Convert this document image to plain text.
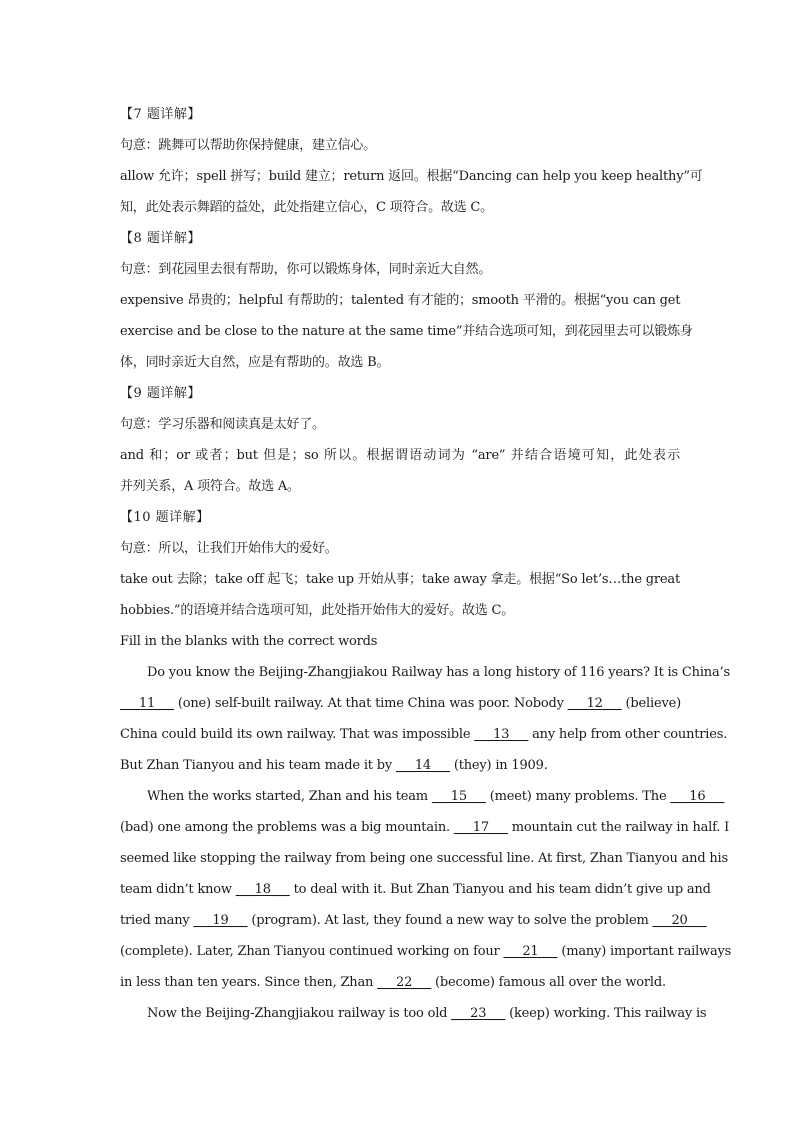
【7 题详解】
句意：跳舞可以帮助你保持健康，建立信心。
allow 允许；spell 拼写；build 建立；return 返回。根据“Dancing can help you keep healthy”可
知，此处表示舞蹈的益处，此处指建立信心，C 项符合。故选 C。
【8 题详解】
句意：到花园里去很有帮助，你可以锻炼身体，同时亲近大自然。
expensive 昂贵的；helpful 有帮助的；talented 有才能的；smooth 平滑的。根据“you can get
exercise and be close to the nature at the same time”并结合选项可知，到花园里去可以锻炼身
体，同时亲近大自然，应是有帮助的。故选 B。
【9 题详解】
句意：学习乐器和阅读真是太好了。
and 和；or 或者；but 但是；so 所以。根据谓语动词为 “are” 并结合语境可知，此处表示
并列关系，A 项符合。故选 A。
【10 题详解】
句意：所以，让我们开始伟大的爱好。
take out 去除；take off 起飞；take up 开始从事；take away 拿走。根据“So let’s…the great
hobbies.”的语境并结合选项可知，此处指开始伟大的爱好。故选 C。
Fill in the blanks with the correct words
Do you know the Beijing-Zhangjiakou Railway has a long history of 116 years? It is China’s
___11___ (one) self-built railway. At that time China was poor. Nobody ___12___ (believe)
China could build its own railway. That was impossible ___13___ any help from other countries.
But Zhan Tianyou and his team made it by ___14___ (they) in 1909.
When the works started, Zhan and his team ___15___ (meet) many problems. The ___16___
(bad) one among the problems was a big mountain. ___17___ mountain cut the railway in half. I
seemed like stopping the railway from being one successful line. At first, Zhan Tianyou and his
team didn’t know ___18___ to deal with it. But Zhan Tianyou and his team didn’t give up and
tried many ___19___ (program). At last, they found a new way to solve the problem ___20___
(complete). Later, Zhan Tianyou continued working on four ___21___ (many) important railways
in less than ten years. Since then, Zhan ___22___ (become) famous all over the world.
Now the Beijing-Zhangjiakou railway is too old ___23___ (keep) working. This railway is
